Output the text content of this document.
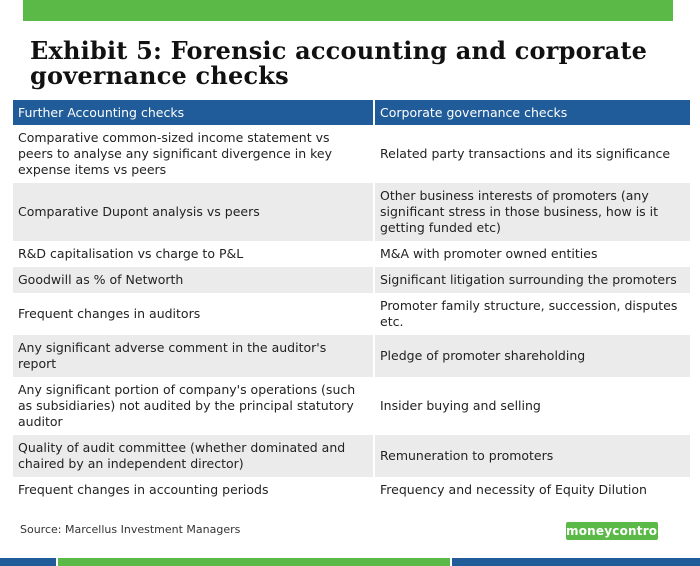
Exhibit 5: Forensic accounting and corporate governance checks
Further Accounting checks	Corporate governance checks
Comparative common-sized income statement vs peers to analyse any significant divergence in key expense items vs peers	Related party transactions and its significance
Comparative Dupont analysis vs peers	Other business interests of promoters (any significant stress in those business, how is it getting funded etc)
R&D capitalisation vs charge to P&L	M&A with promoter owned entities
Goodwill as % of Networth	Significant litigation surrounding the promoters
Frequent changes in auditors	Promoter family structure, succession, disputes etc.
Any significant adverse comment in the auditor's report	Pledge of promoter shareholding
Any significant portion of company's operations (such as subsidiaries) not audited by the principal statutory auditor	Insider buying and selling
Quality of audit committee (whether dominated and chaired by an independent director)	Remuneration to promoters
Frequent changes in accounting periods	Frequency and necessity of Equity Dilution
Source: Marcellus Investment Managers	moneycontrol
